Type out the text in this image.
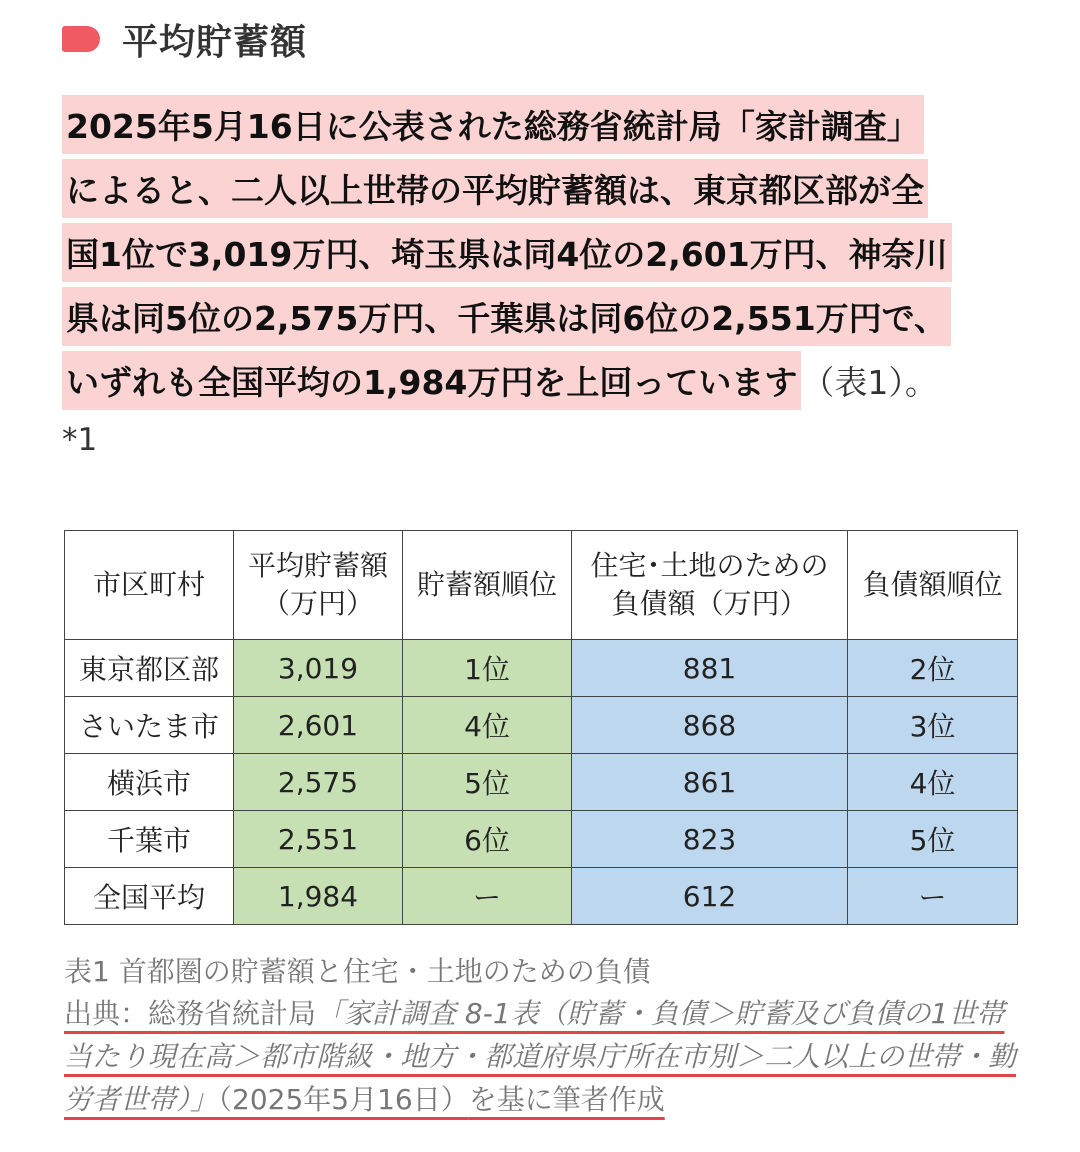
平均貯蓄額
2025年5月16日に公表された総務省統計局「家計調査」
によると、二人以上世帯の平均貯蓄額は、東京都区部が全
国1位で3,019万円、埼玉県は同4位の2,601万円、神奈川
県は同5位の2,575万円、千葉県は同6位の2,551万円で、
いずれも全国平均の1,984万円を上回っています （表1）。
*1
市区町村	平均貯蓄額
（万円）	貯蓄額順位	住宅･土地のための
負債額（万円）	負債額順位
東京都区部	3,019	1位	881	2位
さいたま市	2,601	4位	868	3位
横浜市	2,575	5位	861	4位
千葉市	2,551	6位	823	5位
全国平均	1,984	ー	612	ー
表1 首都圏の貯蓄額と住宅・土地のための負債
出典：総務省統計局「家計調査 8-1表（貯蓄・負債＞貯蓄及び負債の1世帯当たり現在高＞都市階級・地方・都道府県庁所在市別＞二人以上の世帯・勤労者世帯）」（2025年5月16日）を基に筆者作成
